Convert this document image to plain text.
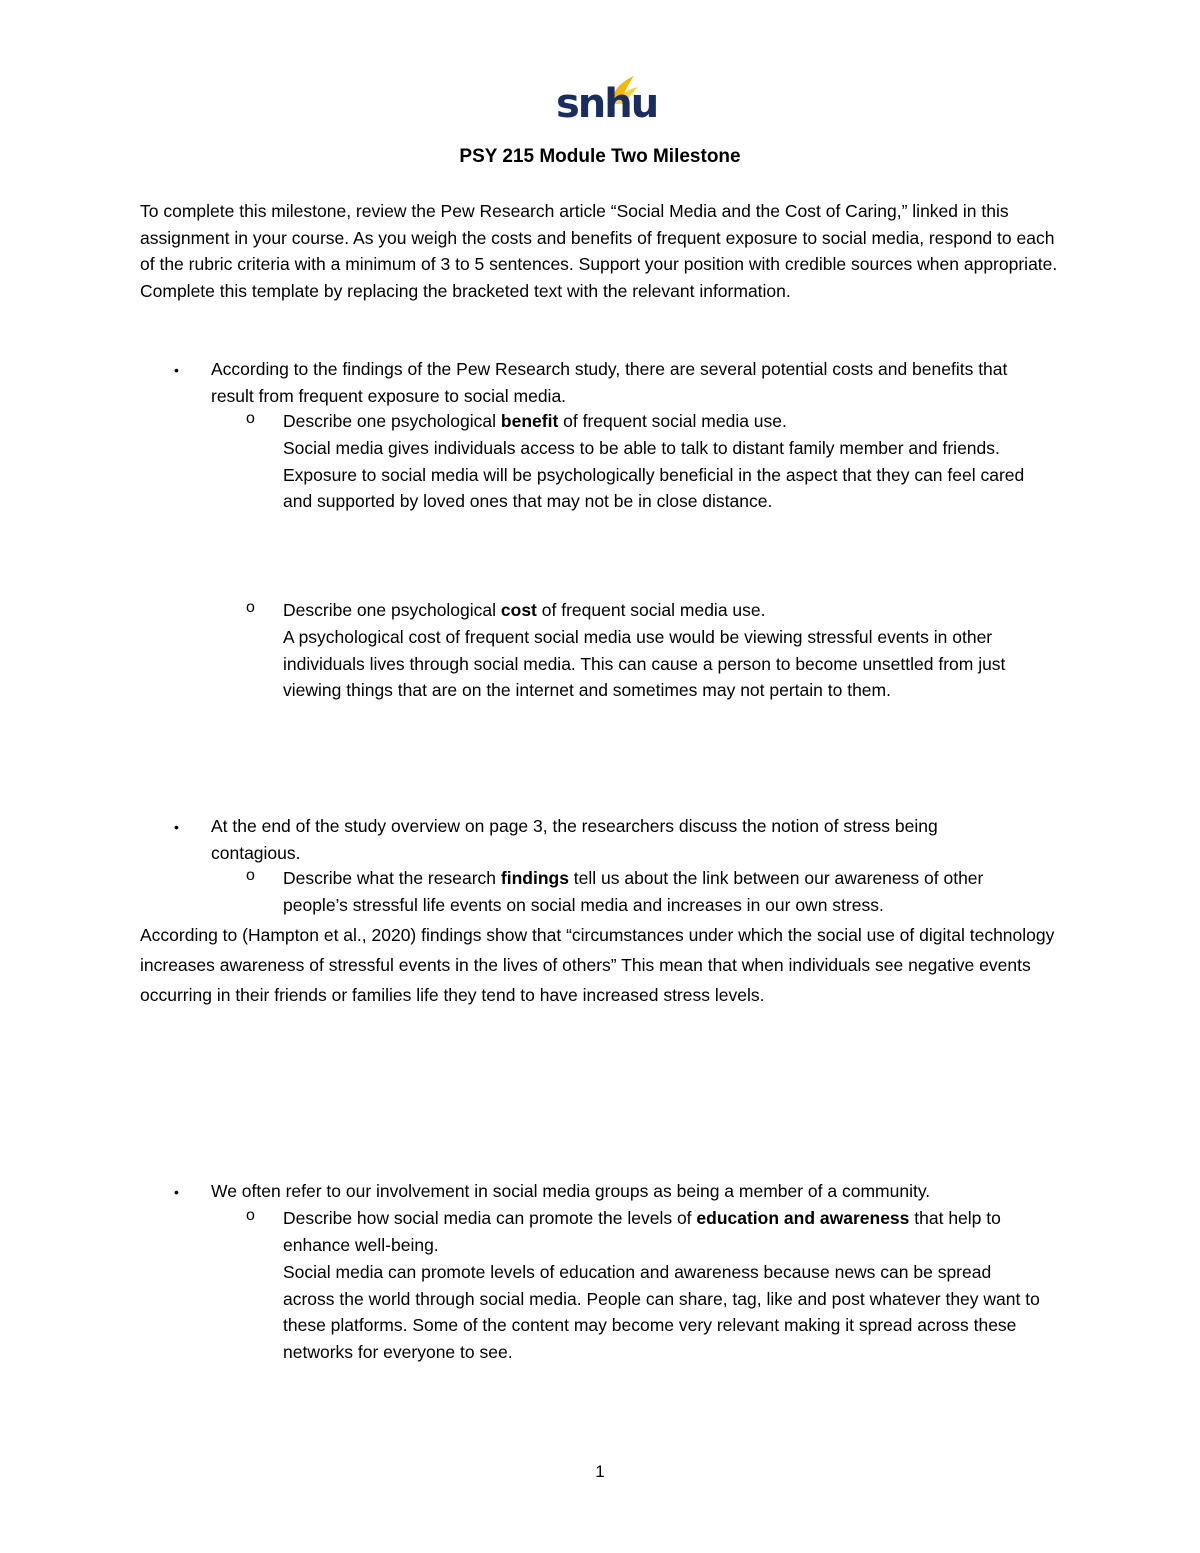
snhu
PSY 215 Module Two Milestone

To complete this milestone, review the Pew Research article “Social Media and the Cost of Caring,” linked in this assignment in your course. As you weigh the costs and benefits of frequent exposure to social media, respond to each of the rubric criteria with a minimum of 3 to 5 sentences. Support your position with credible sources when appropriate. Complete this template by replacing the bracketed text with the relevant information.

• According to the findings of the Pew Research study, there are several potential costs and benefits that result from frequent exposure to social media.

o Describe one psychological benefit of frequent social media use.

Social media gives individuals access to be able to talk to distant family member and friends. Exposure to social media will be psychologically beneficial in the aspect that they can feel cared and supported by loved ones that may not be in close distance.

o Describe one psychological cost of frequent social media use.

A psychological cost of frequent social media use would be viewing stressful events in other individuals lives through social media. This can cause a person to become unsettled from just viewing things that are on the internet and sometimes may not pertain to them.

• At the end of the study overview on page 3, the researchers discuss the notion of stress being contagious.

o Describe what the research findings tell us about the link between our awareness of other people’s stressful life events on social media and increases in our own stress.

According to (Hampton et al., 2020) findings show that “circumstances under which the social use of digital technology increases awareness of stressful events in the lives of others” This mean that when individuals see negative events occurring in their friends or families life they tend to have increased stress levels.

• We often refer to our involvement in social media groups as being a member of a community.

o Describe how social media can promote the levels of education and awareness that help to enhance well-being.

Social media can promote levels of education and awareness because news can be spread across the world through social media. People can share, tag, like and post whatever they want to these platforms. Some of the content may become very relevant making it spread across these networks for everyone to see.

1
